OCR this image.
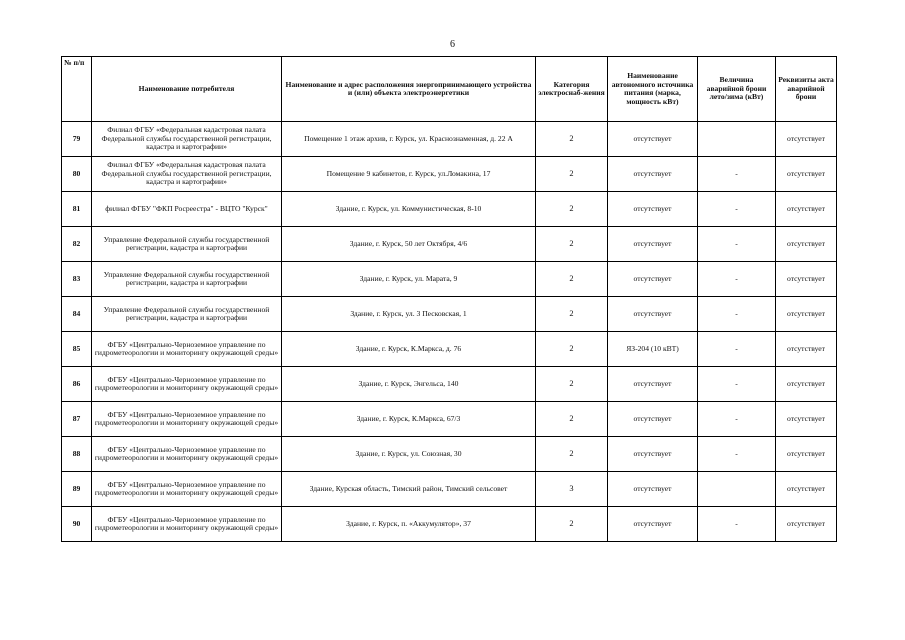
6
№ п/п	Наименование потребителя	Наименование и адрес расположения энергопринимающего устройства и (или) объекта электроэнергетики	Категория электроснаб-жения	Наименование автономного источника питания (марка, мощность кВт)	Величина аварийной брони лето/зима (кВт)	Реквизиты акта аварийной брони
79	Филиал ФГБУ «Федеральная кадастровая палата Федеральной службы государственной регистрации, кадастра и картографии»	Помещение 1 этаж архив, г. Курск, ул. Краснознаменная, д. 22 А	2	отсутствует		отсутствует
80	Филиал ФГБУ «Федеральная кадастровая палата Федеральной службы государственной регистрации, кадастра и картографии»	Помещение 9 кабинетов, г. Курск, ул.Ломакина, 17	2	отсутствует	-	отсутствует
81	филиал ФГБУ "ФКП Росреестра" - ВЦТО "Курск"	Здание, г. Курск, ул. Коммунистическая, 8-10	2	отсутствует	-	отсутствует
82	Управление Федеральной службы государственной регистрации, кадастра и картографии	Здание, г. Курск, 50 лет Октября, 4/6	2	отсутствует	-	отсутствует
83	Управление Федеральной службы государственной регистрации, кадастра и картографии	Здание, г. Курск, ул. Марата, 9	2	отсутствует	-	отсутствует
84	Управление Федеральной службы государственной регистрации, кадастра и картографии	Здание, г. Курск, ул. 3 Песковская, 1	2	отсутствует	-	отсутствует
85	ФГБУ «Центрально-Черноземное управление по гидрометеорологии и мониторингу окружающей среды»	Здание, г. Курск, К.Маркса, д. 76	2	ЯЗ-204 (10 кВТ)	-	отсутствует
86	ФГБУ «Центрально-Черноземное управление по гидрометеорологии и мониторингу окружающей среды»	Здание, г. Курск, Энгельса, 140	2	отсутствует	-	отсутствует
87	ФГБУ «Центрально-Черноземное управление по гидрометеорологии и мониторингу окружающей среды»	Здание, г. Курск, К.Маркса, 67/3	2	отсутствует	-	отсутствует
88	ФГБУ «Центрально-Черноземное управление по гидрометеорологии и мониторингу окружающей среды»	Здание, г. Курск, ул. Союзная, 30	2	отсутствует	-	отсутствует
89	ФГБУ «Центрально-Черноземное управление по гидрометеорологии и мониторингу окружающей среды»	Здание, Курская область, Тимский район, Тимский сельсовет	3	отсутствует		отсутствует
90	ФГБУ «Центрально-Черноземное управление по гидрометеорологии и мониторингу окружающей среды»	Здание, г. Курск, п. «Аккумулятор», 37	2	отсутствует	-	отсутствует
